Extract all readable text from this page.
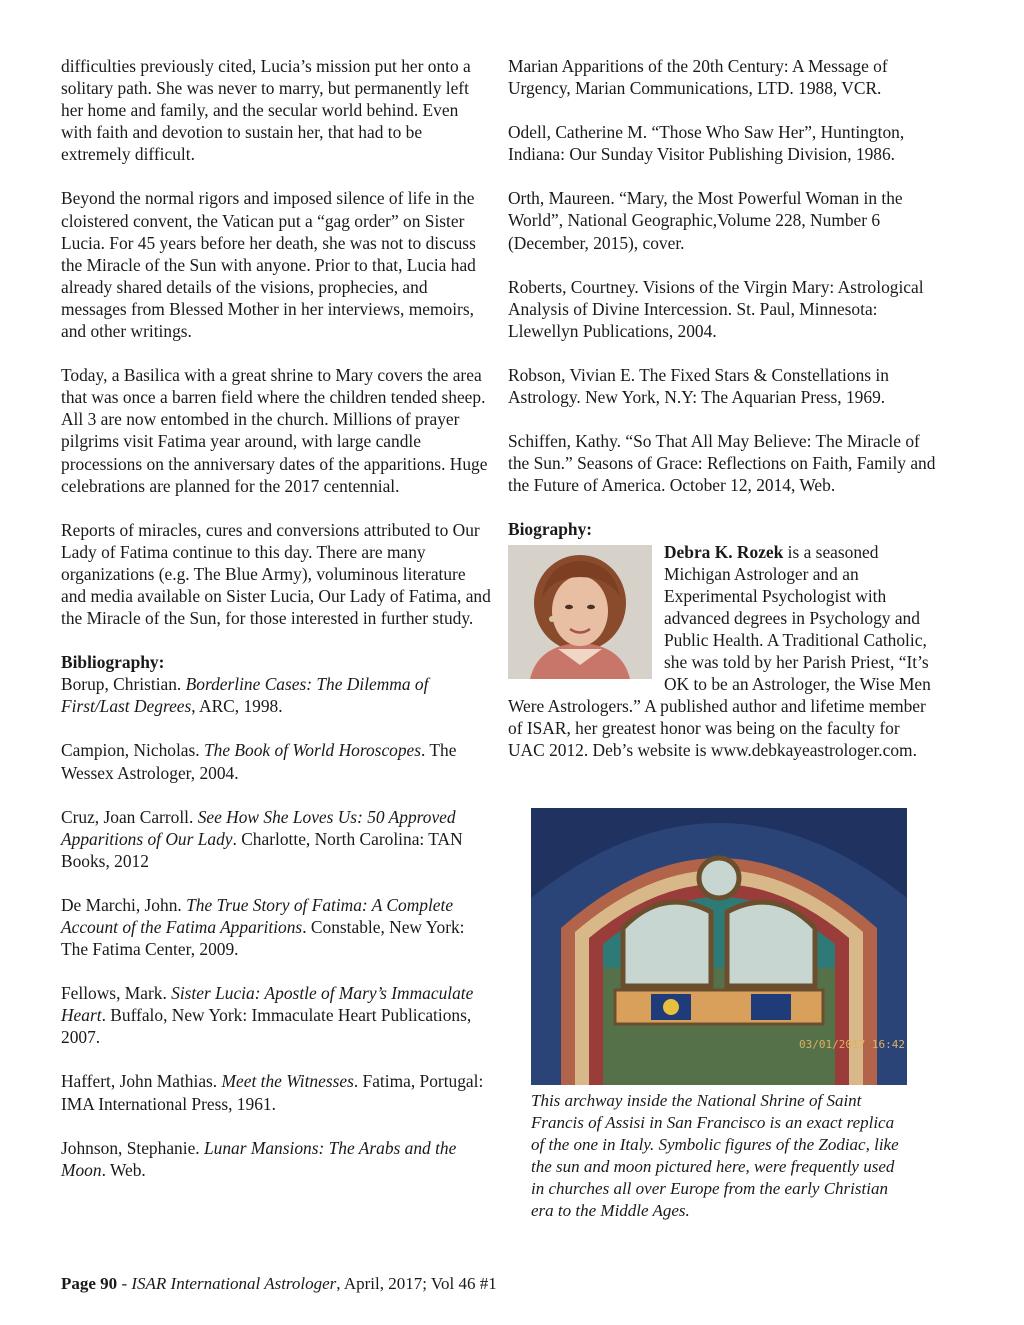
difficulties previously cited, Lucia’s mission put her onto a solitary path. She was never to marry, but permanently left her home and family, and the secular world behind. Even with faith and devotion to sustain her, that had to be extremely difficult.

Beyond the normal rigors and imposed silence of life in the cloistered convent, the Vatican put a “gag order” on Sister Lucia. For 45 years before her death, she was not to discuss the Miracle of the Sun with anyone. Prior to that, Lucia had already shared details of the visions, prophecies, and messages from Blessed Mother in her interviews, memoirs, and other writings.

Today, a Basilica with a great shrine to Mary covers the area that was once a barren field where the children tended sheep. All 3 are now entombed in the church. Millions of prayer pilgrims visit Fatima year around, with large candle processions on the anniversary dates of the apparitions. Huge celebrations are planned for the 2017 centennial.

Reports of miracles, cures and conversions attributed to Our Lady of Fatima continue to this day. There are many organizations (e.g. The Blue Army), voluminous literature and media available on Sister Lucia, Our Lady of Fatima, and the Miracle of the Sun, for those interested in further study.

Bibliography:
Borup, Christian. Borderline Cases: The Dilemma of First/Last Degrees, ARC, 1998.
Campion, Nicholas. The Book of World Horoscopes. The Wessex Astrologer, 2004.
Cruz, Joan Carroll. See How She Loves Us: 50 Approved Apparitions of Our Lady. Charlotte, North Carolina: TAN Books, 2012
De Marchi, John. The True Story of Fatima: A Complete Account of the Fatima Apparitions. Constable, New York: The Fatima Center, 2009.
Fellows, Mark. Sister Lucia: Apostle of Mary’s Immaculate Heart. Buffalo, New York: Immaculate Heart Publications, 2007.
Haffert, John Mathias. Meet the Witnesses. Fatima, Portugal: IMA International Press, 1961.
Johnson, Stephanie. Lunar Mansions: The Arabs and the Moon. Web.

Marian Apparitions of the 20th Century: A Message of Urgency, Marian Communications, LTD. 1988, VCR.

Odell, Catherine M. “Those Who Saw Her”, Huntington, Indiana: Our Sunday Visitor Publishing Division, 1986.

Orth, Maureen. “Mary, the Most Powerful Woman in the World”, National Geographic,Volume 228, Number 6 (December, 2015), cover.

Roberts, Courtney. Visions of the Virgin Mary: Astrological Analysis of Divine Intercession. St. Paul, Minnesota: Llewellyn Publications, 2004.

Robson, Vivian E. The Fixed Stars & Constellations in Astrology. New York, N.Y: The Aquarian Press, 1969.

Schiffen, Kathy. “So That All May Believe: The Miracle of the Sun.” Seasons of Grace: Reflections on Faith, Family and the Future of America. October 12, 2014, Web.

Biography:
Debra K. Rozek is a seasoned Michigan Astrologer and an Experimental Psychologist with advanced degrees in Psychology and Public Health. A Traditional Catholic, she was told by her Parish Priest, “It’s OK to be an Astrologer, the Wise Men Were Astrologers.” A published author and lifetime member of ISAR, her greatest honor was being on the faculty for UAC 2012. Deb’s website is www.debkayeastrologer.com.
03/01/2017 16:42
This archway inside the National Shrine of Saint Francis of Assisi in San Francisco is an exact replica of the one in Italy. Symbolic figures of the Zodiac, like the sun and moon pictured here, were frequently used in churches all over Europe from the early Christian era to the Middle Ages.
Page 90 - ISAR International Astrologer, April, 2017; Vol 46 #1
